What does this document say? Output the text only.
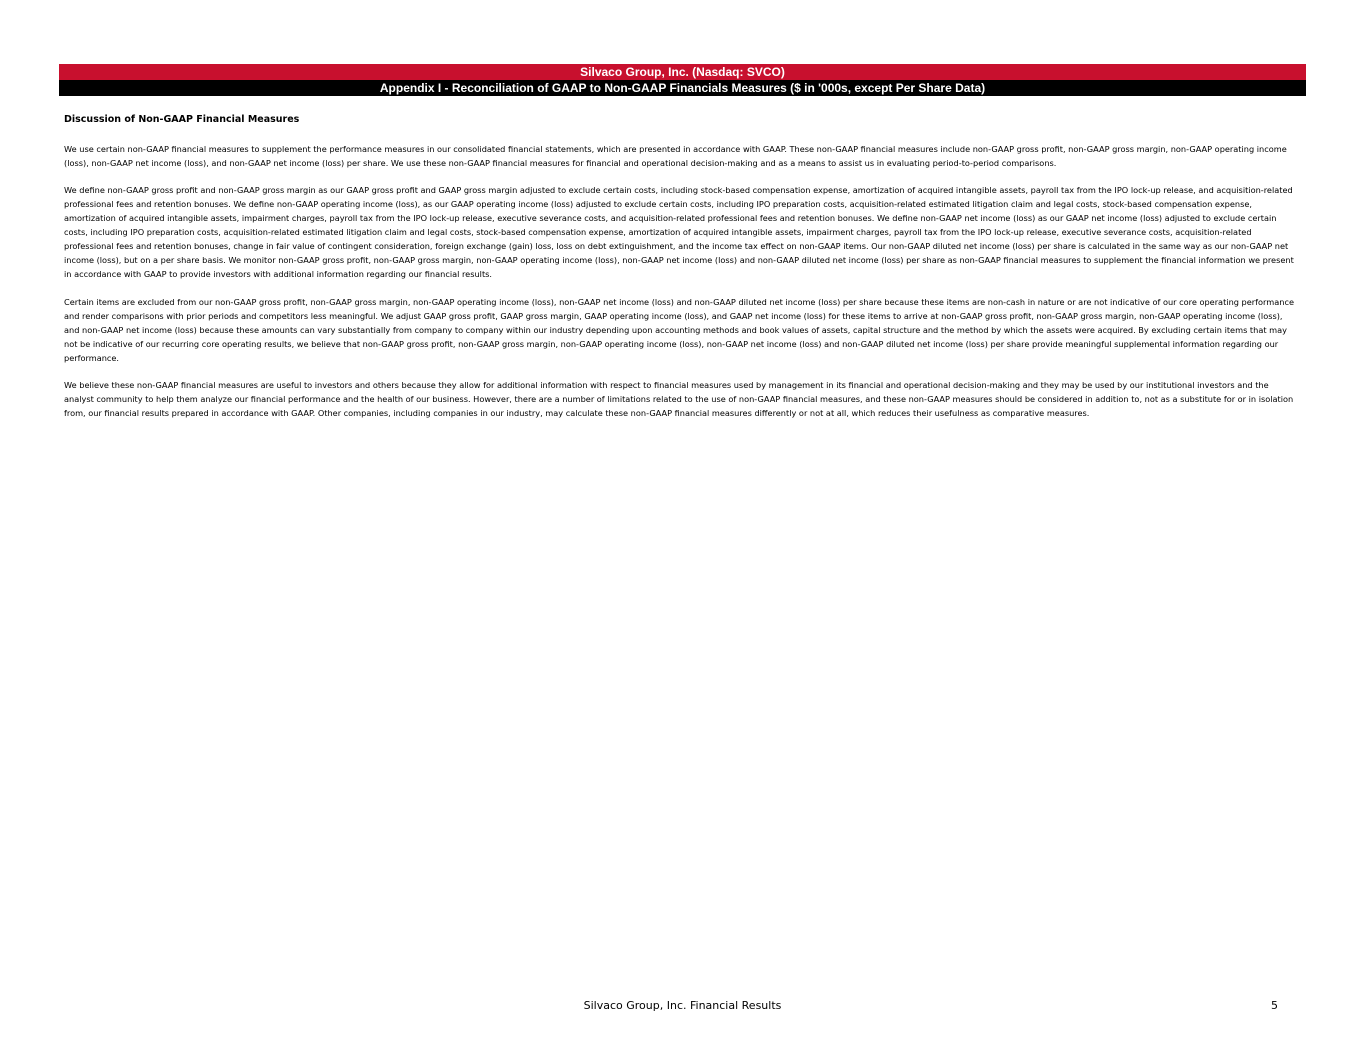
Silvaco Group, Inc. (Nasdaq: SVCO)
Appendix I - Reconciliation of GAAP to Non-GAAP Financials Measures ($ in '000s, except Per Share Data)
Discussion of Non-GAAP Financial Measures

We use certain non-GAAP financial measures to supplement the performance measures in our consolidated financial statements, which are presented in accordance with GAAP. These non-GAAP financial measures include non-GAAP gross profit, non-GAAP gross margin, non-GAAP operating income (loss), non-GAAP net income (loss), and non-GAAP net income (loss) per share. We use these non-GAAP financial measures for financial and operational decision-making and as a means to assist us in evaluating period-to-period comparisons.

We define non-GAAP gross profit and non-GAAP gross margin as our GAAP gross profit and GAAP gross margin adjusted to exclude certain costs, including stock-based compensation expense, amortization of acquired intangible assets, payroll tax from the IPO lock-up release, and acquisition-related professional fees and retention bonuses. We define non-GAAP operating income (loss), as our GAAP operating income (loss) adjusted to exclude certain costs, including IPO preparation costs, acquisition-related estimated litigation claim and legal costs, stock-based compensation expense, amortization of acquired intangible assets, impairment charges, payroll tax from the IPO lock-up release, executive severance costs, and acquisition-related professional fees and retention bonuses. We define non-GAAP net income (loss) as our GAAP net income (loss) adjusted to exclude certain costs, including IPO preparation costs, acquisition-related estimated litigation claim and legal costs, stock-based compensation expense, amortization of acquired intangible assets, impairment charges, payroll tax from the IPO lock-up release, executive severance costs, acquisition-related professional fees and retention bonuses, change in fair value of contingent consideration, foreign exchange (gain) loss, loss on debt extinguishment, and the income tax effect on non-GAAP items. Our non-GAAP diluted net income (loss) per share is calculated in the same way as our non-GAAP net income (loss), but on a per share basis. We monitor non-GAAP gross profit, non-GAAP gross margin, non-GAAP operating income (loss), non-GAAP net income (loss) and non-GAAP diluted net income (loss) per share as non-GAAP financial measures to supplement the financial information we present in accordance with GAAP to provide investors with additional information regarding our financial results.

Certain items are excluded from our non-GAAP gross profit, non-GAAP gross margin, non-GAAP operating income (loss), non-GAAP net income (loss) and non-GAAP diluted net income (loss) per share because these items are non-cash in nature or are not indicative of our core operating performance and render comparisons with prior periods and competitors less meaningful. We adjust GAAP gross profit, GAAP gross margin, GAAP operating income (loss), and GAAP net income (loss) for these items to arrive at non-GAAP gross profit, non-GAAP gross margin, non-GAAP operating income (loss), and non-GAAP net income (loss) because these amounts can vary substantially from company to company within our industry depending upon accounting methods and book values of assets, capital structure and the method by which the assets were acquired. By excluding certain items that may not be indicative of our recurring core operating results, we believe that non-GAAP gross profit, non-GAAP gross margin, non-GAAP operating income (loss), non-GAAP net income (loss) and non-GAAP diluted net income (loss) per share provide meaningful supplemental information regarding our performance.

We believe these non-GAAP financial measures are useful to investors and others because they allow for additional information with respect to financial measures used by management in its financial and operational decision-making and they may be used by our institutional investors and the analyst community to help them analyze our financial performance and the health of our business. However, there are a number of limitations related to the use of non-GAAP financial measures, and these non-GAAP measures should be considered in addition to, not as a substitute for or in isolation from, our financial results prepared in accordance with GAAP. Other companies, including companies in our industry, may calculate these non-GAAP financial measures differently or not at all, which reduces their usefulness as comparative measures.

Silvaco Group, Inc. Financial Results	5
